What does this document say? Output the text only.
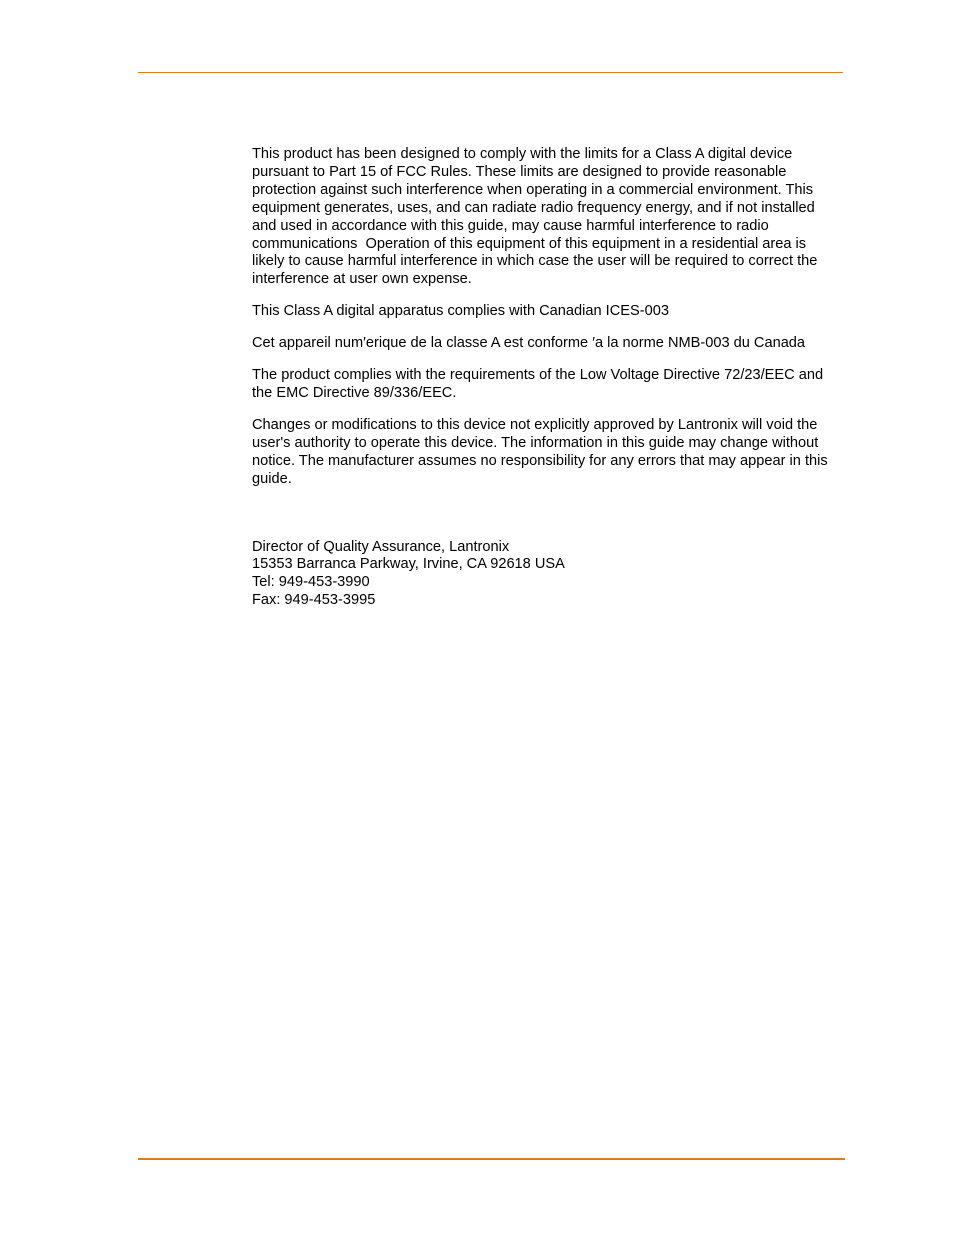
This product has been designed to comply with the limits for a Class A digital device pursuant to Part 15 of FCC Rules. These limits are designed to provide reasonable protection against such interference when operating in a commercial environment. This equipment generates, uses, and can radiate radio frequency energy, and if not installed and used in accordance with this guide, may cause harmful interference to radio communications  Operation of this equipment of this equipment in a residential area is likely to cause harmful interference in which case the user will be required to correct the interference at user own expense.

This Class A digital apparatus complies with Canadian ICES-003

Cet appareil num′erique de la classe A est conforme ′a la norme NMB-003 du Canada

The product complies with the requirements of the Low Voltage Directive 72/23/EEC and the EMC Directive 89/336/EEC.

Changes or modifications to this device not explicitly approved by Lantronix will void the user's authority to operate this device. The information in this guide may change without notice. The manufacturer assumes no responsibility for any errors that may appear in this guide.

Director of Quality Assurance, Lantronix
15353 Barranca Parkway, Irvine, CA 92618 USA
Tel: 949-453-3990
Fax: 949-453-3995
